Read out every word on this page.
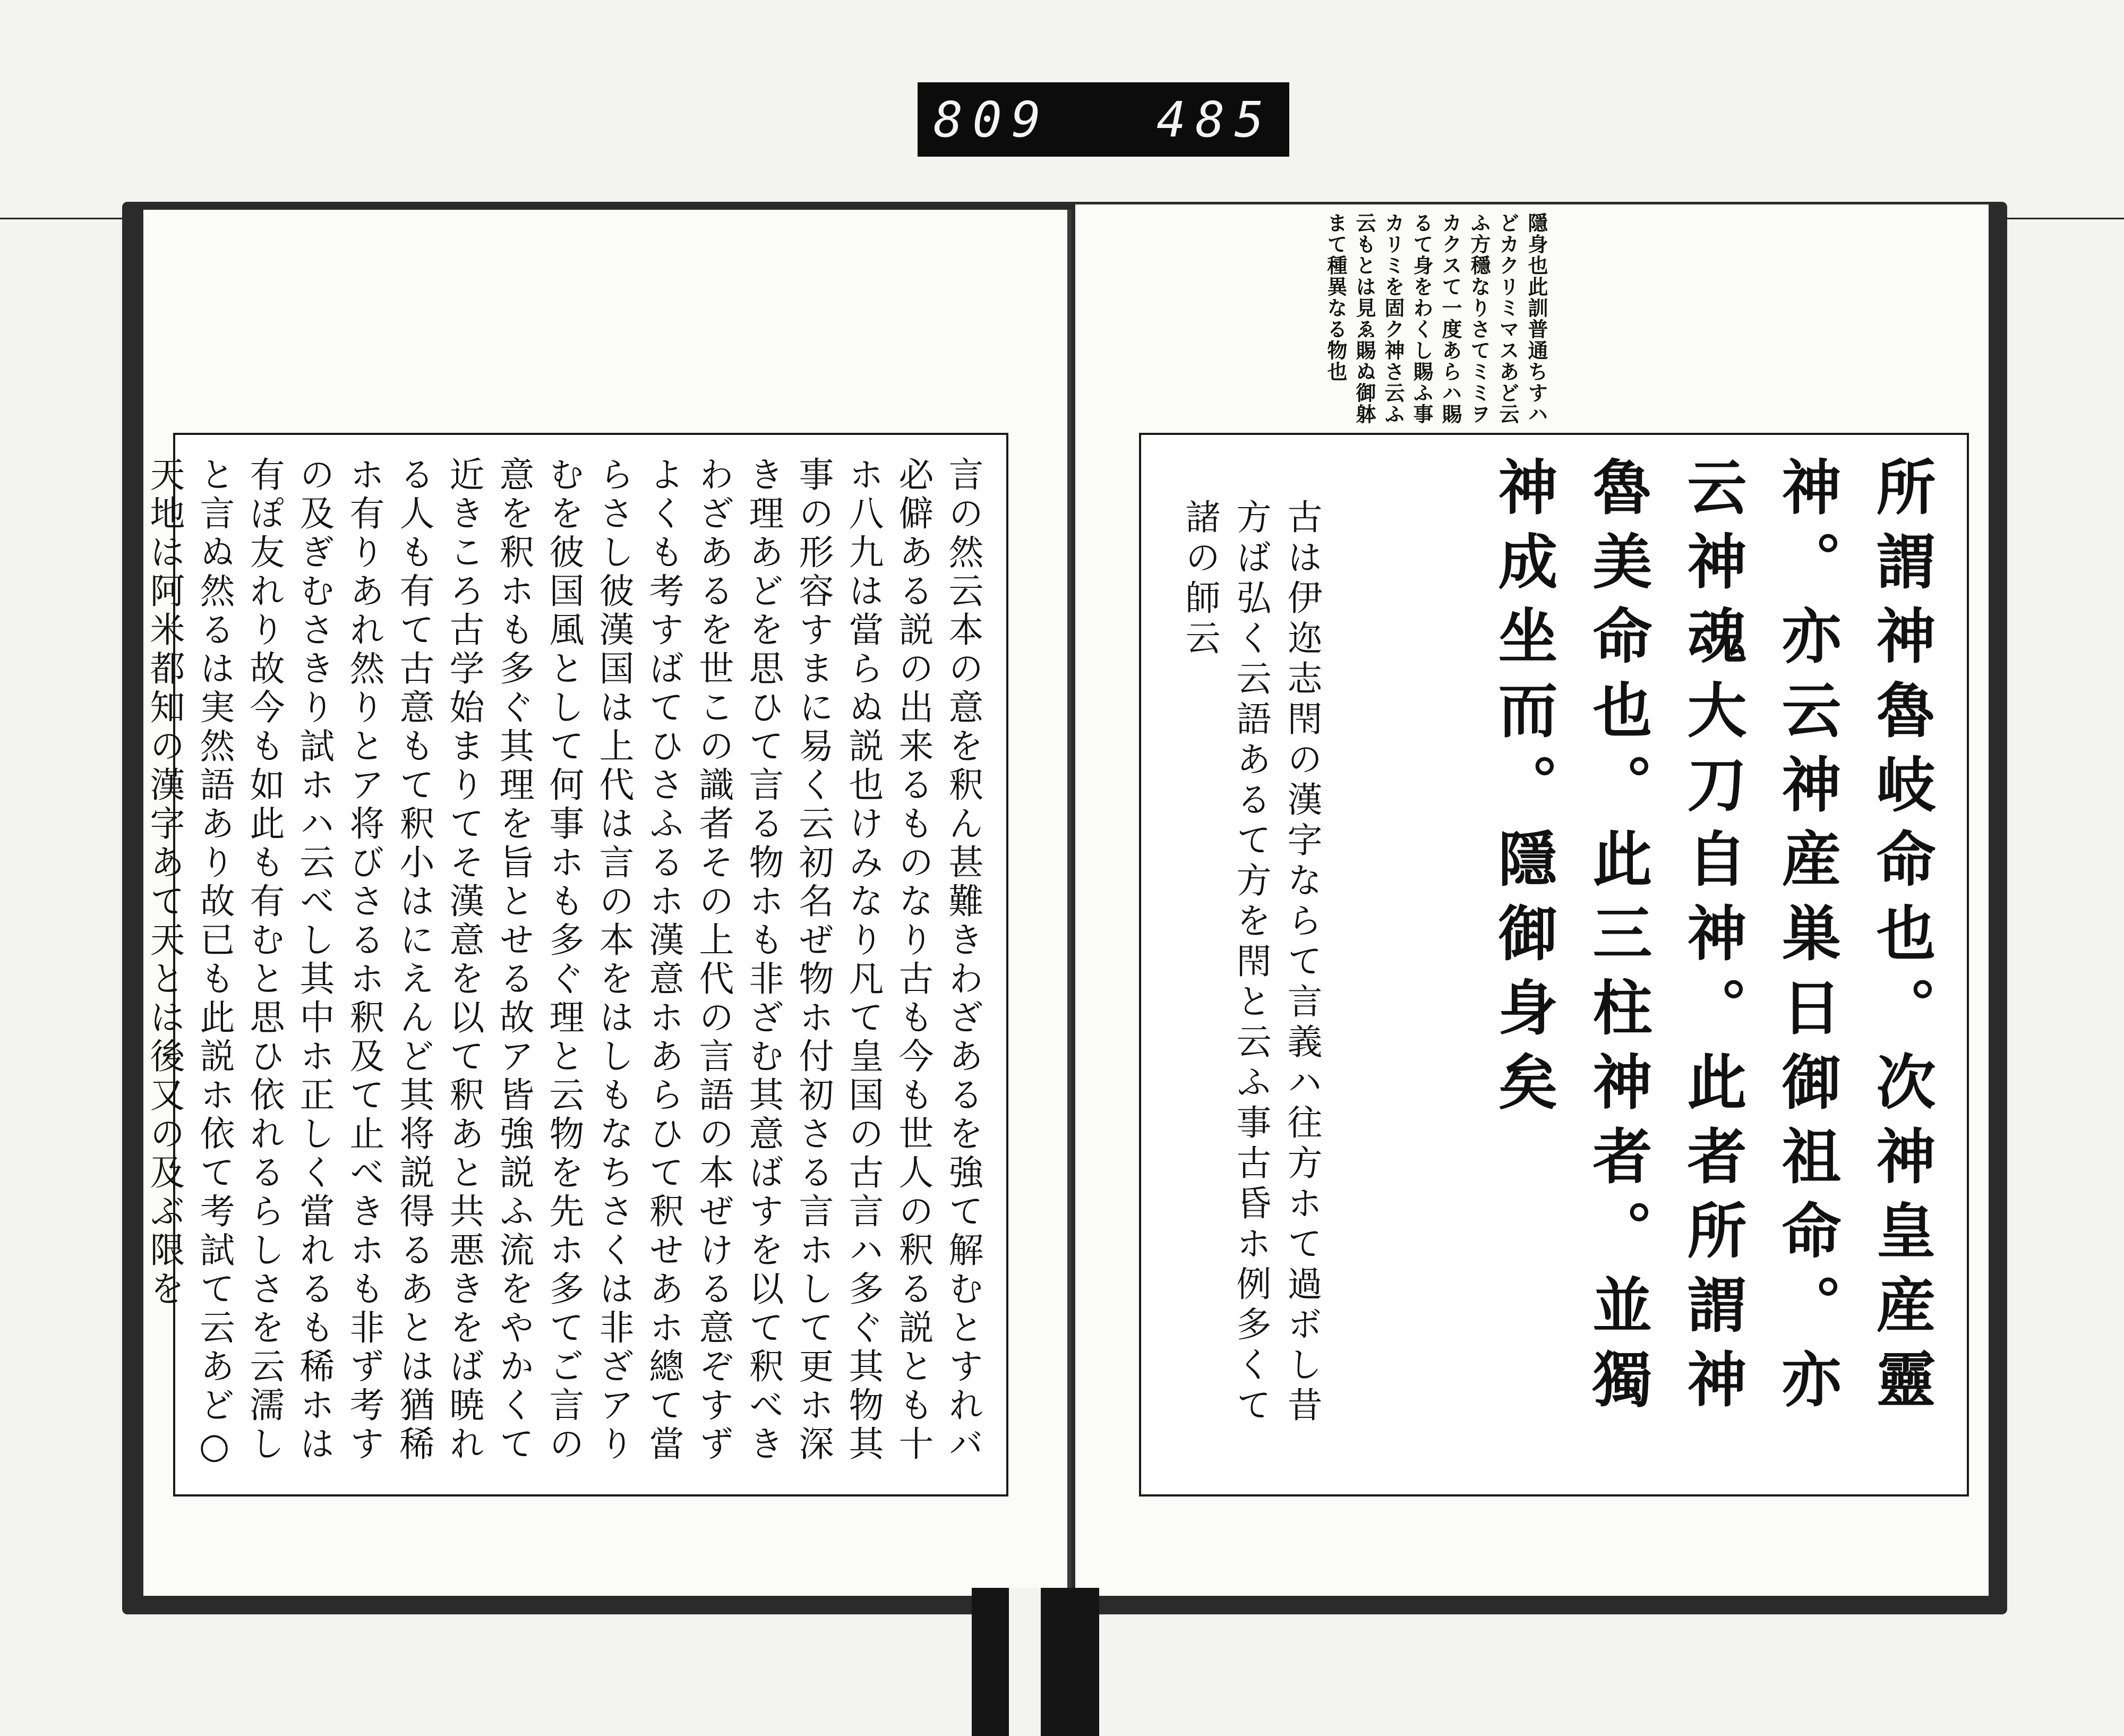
809 485
隱身也此訓普通ちすハどカクリミマスあど云ふ方穩なりさてミミヲカクスて一度あらハ賜るて身をわくし賜ふ事カリミを固ク神さ云ふ云もとは見ゑ賜ぬ御躰まて種異なる物也
言の然云本の意を釈ん甚難きわざあるを強て解むとすれバ必僻ある説の出来るものなり古も今も世人の釈る説とも十ホ八九は當らぬ説也けみなり凡て皇国の古言ハ多ぐ其物其事の形容すまに易く云初名ぜ物ホ付初さる言ホして更ホ深き理あどを思ひて言る物ホも非ざむ其意ばすを以て釈べきわざあるを世この識者その上代の言語の本ぜける意ぞすずよくも考すばてひさふるホ漢意ホあらひて釈せあホ總て當らさし彼漢国は上代は言の本をはしもなちさくは非ざアりむを彼国風として何事ホも多ぐ理と云物を先ホ多てご言の意を釈ホも多ぐ其理を旨とせる故ア皆強説ふ流をやかくて近きころ古学始まりてそ漢意を以て釈あと共悪きをば暁れる人も有て古意もて釈小はにえんど其将説得るあとは猶稀ホ有りあれ然りとア将びさるホ釈及て止べきホも非ず考すの及ぎむさきり試ホハ云べし其中ホ正しく當れるも稀ホは有ぽ友れり故今も如此も有むと思ひ依れるらしさを云濡しと言ぬ然るは実然語あり故已も此説ホ依て考試て云あど○天地は阿米都知の漢字あて天とは後又の及ぶ限を	所謂神魯岐命也。次神皇産靈神。亦云神産巣日御祖命。亦云神魂大刀自神。此者所謂神魯美命也。此三柱神者。並獨神成坐而。隱御身矣
古は伊迩志閇の漢字ならて言義ハ往方ホて過ボし昔方ば弘く云語あるて方を閇と云ふ事古昏ホ例多くて諸の師云
